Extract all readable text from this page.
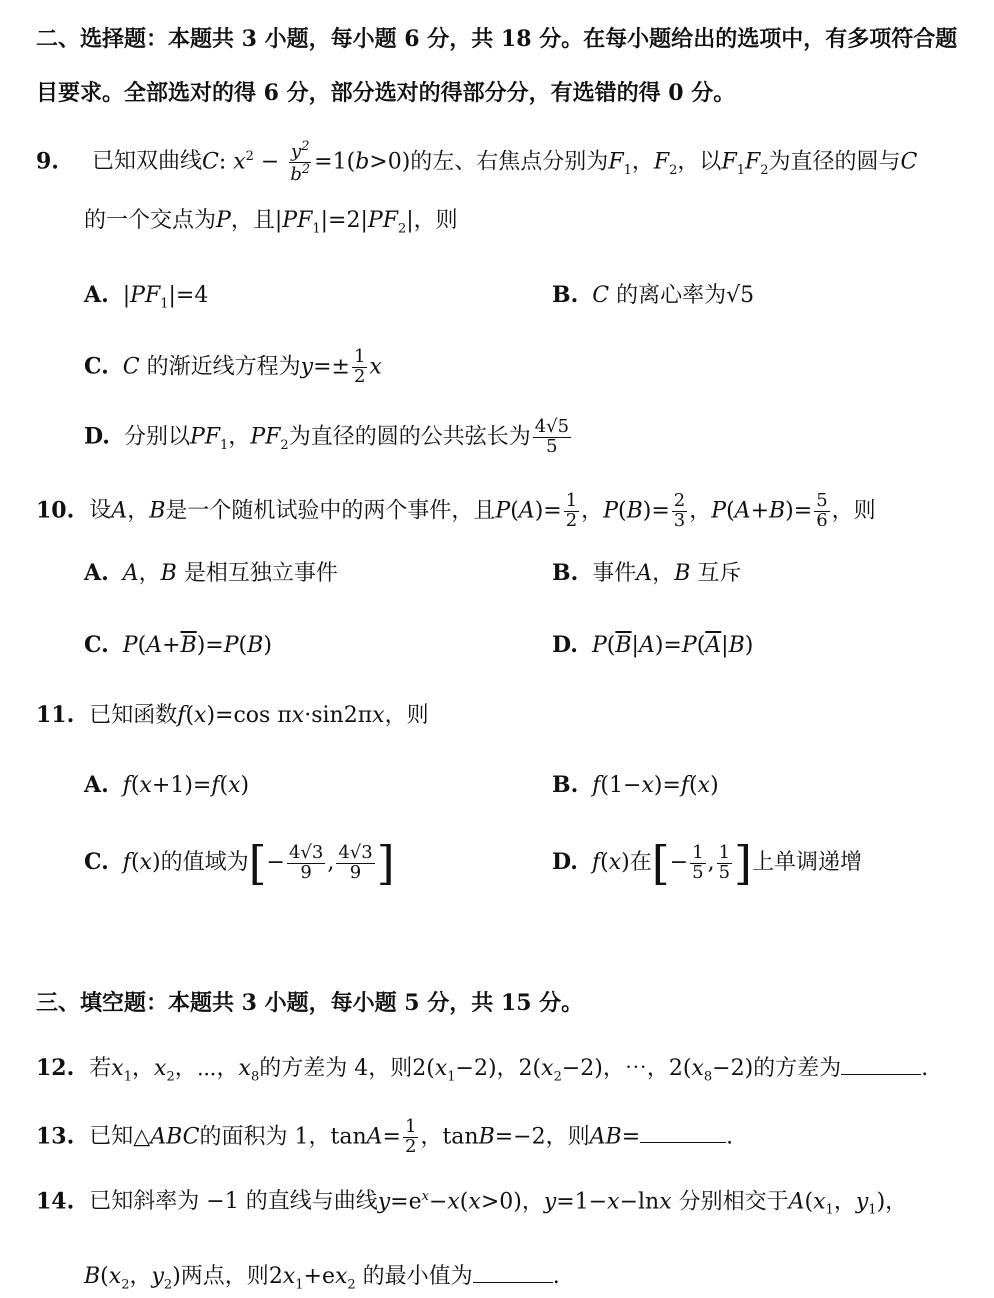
二、选择题：本题共 3 小题，每小题 6 分，共 18 分。在每小题给出的选项中，有多项符合题
目要求。全部选对的得 6 分，部分选对的得部分分，有选错的得 0 分。
9. 已知双曲线C: $x^2 - \frac{y^2}{b^2} =1(b>0)$的左、右焦点分别为$F_1$，$F_2$，以$F_1F_2$为直径的圆与C
的一个交点为P，且$|PF_1|=2|PF_2|$，则
A.  $|PF_1|=4$	B. C 的离心率为√5
C. C 的渐近线方程为$y=\pm \frac{1}{2}$ x
D. 分别以$PF_1$，$PF_2$为直径的圆的公共弦长为 $\frac{4√5}{5}$
10. 设A，B是一个随机试验中的两个事件，且$P(A)= \frac{1}{2}$ ，$P(B)= \frac{2}{3}$ ，$P(A+B)= \frac{5}{6}$ ，则
A. A，B 是相互独立事件	B. 事件A，B 互斥
C. $P(A+\overline{B})=P(B)$	D. $P(\overline{B}|A)=P(\overline{A}|B)$
11. 已知函数f(x)=cos πx·sin2πx，则
A. f(x+1)=f(x)	B. f(1−x)=f(x)
C. f(x)的值域为[− $\frac{4√3}{9}$ , $\frac{4√3}{9}$ ]	D. f(x)在[− $\frac{1}{5}$ , $\frac{1}{5}$ ]上单调递增
三、填空题：本题共 3 小题，每小题 5 分，共 15 分。
12. 若$x_1$，$x_2$，⋯，$x_8$的方差为 4，则$2(x_1-2)$，$2(x_2-2)$，⋯，$2(x_8-2)$的方差为	.
13. 已知△ABC的面积为 1，$\tan A= \frac{1}{2}$ ，tanB=−2，则AB=	.
14. 已知斜率为 −1 的直线与曲线$y=e^x-x(x>0)$，y=1−x−lnx 分别相交于$A(x_1$，$y_1$)，
$B(x_2$，$y_2$)两点，则$2x_1+ex_2$ 的最小值为	.
